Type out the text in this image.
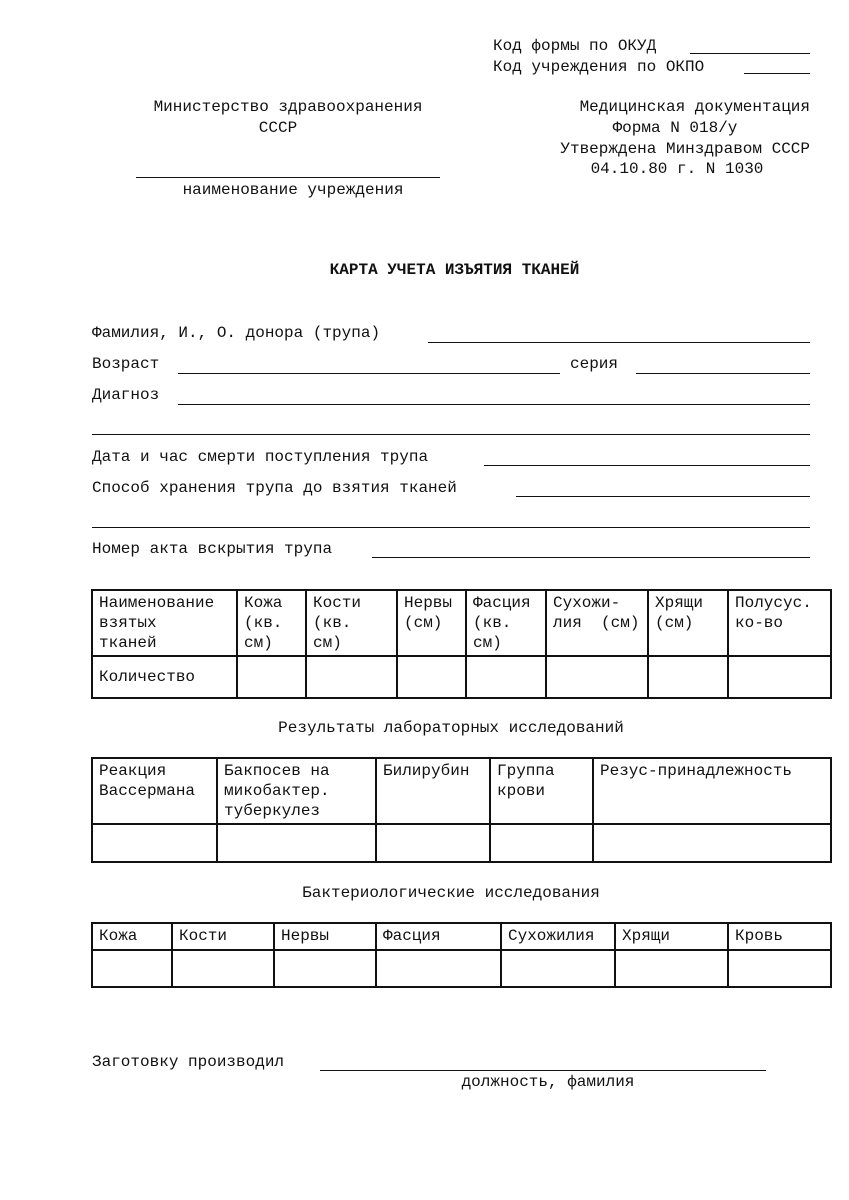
Код формы по ОКУД
Код учреждения по ОКПО
Министерство здравоохранения
СССР
наименование учреждения
Медицинская документация
Форма N 018/у
Утверждена Минздравом СССР
04.10.80 г. N 1030
КАРТА УЧЕТА ИЗЪЯТИЯ ТКАНЕЙ
Фамилия, И., О. донора (трупа)
Возраст	серия
Диагноз
Дата и час смерти поступления трупа
Способ хранения трупа до взятия тканей
Номер акта вскрытия трупа
Наименование
взятых
тканей	Кожа
(кв.
см)	Кости
(кв.
см)	Нервы
(см)	Фасция
(кв.
см)	Сухожи-
лия  (см)	Хрящи
(см)	Полусус.
ко-во
Количество							
Результаты лабораторных исследований
Реакция
Вассермана	Бакпосев на
микобактер.
туберкулез	Билирубин	Группа
крови	Резус-принадлежность

Бактериологические исследования
Кожа	Кости	Нервы	Фасция	Сухожилия	Хрящи	Кровь

Заготовку производил
должность, фамилия
